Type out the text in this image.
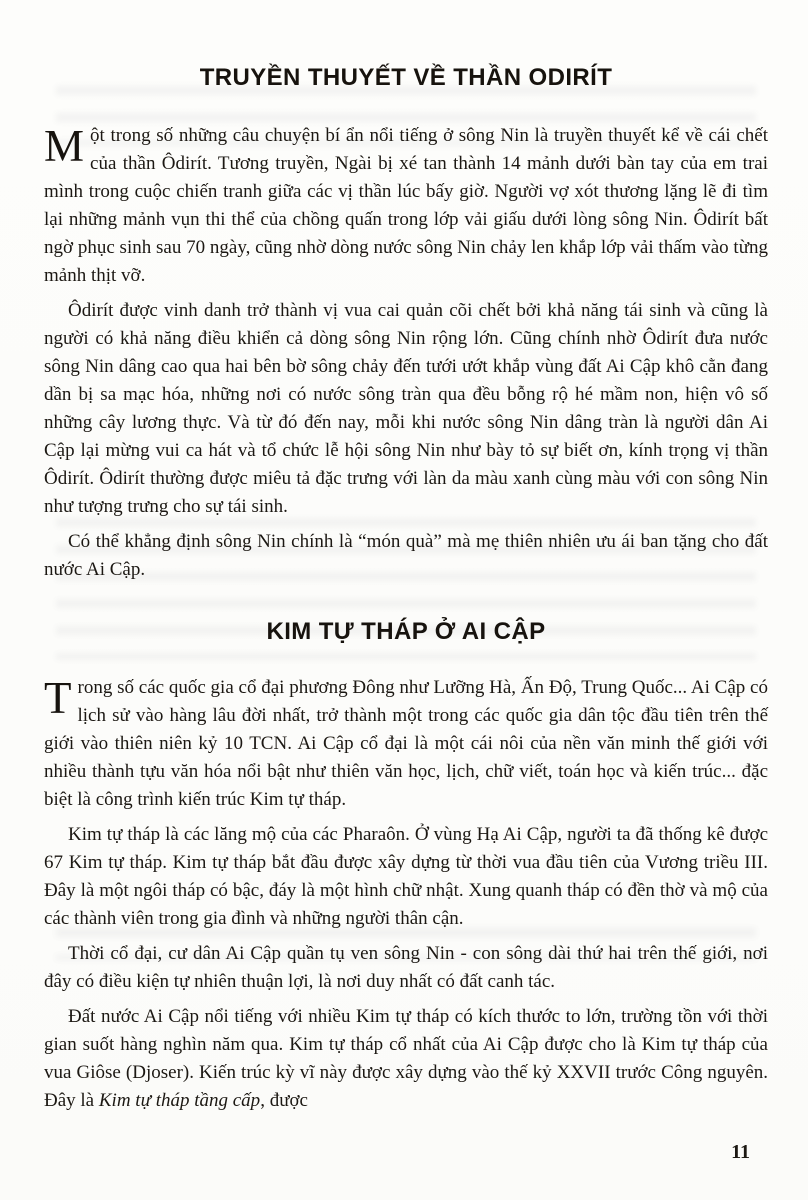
TRUYỀN THUYẾT VỀ THẦN ODIRÍT

Một trong số những câu chuyện bí ẩn nổi tiếng ở sông Nin là truyền thuyết kể về cái chết của thần Ôdirít. Tương truyền, Ngài bị xé tan thành 14 mảnh dưới bàn tay của em trai mình trong cuộc chiến tranh giữa các vị thần lúc bấy giờ. Người vợ xót thương lặng lẽ đi tìm lại những mảnh vụn thi thể của chồng quấn trong lớp vải giấu dưới lòng sông Nin. Ôdirít bất ngờ phục sinh sau 70 ngày, cũng nhờ dòng nước sông Nin chảy len khắp lớp vải thấm vào từng mảnh thịt vỡ.

Ôdirít được vinh danh trở thành vị vua cai quản cõi chết bởi khả năng tái sinh và cũng là người có khả năng điều khiển cả dòng sông Nin rộng lớn. Cũng chính nhờ Ôdirít đưa nước sông Nin dâng cao qua hai bên bờ sông chảy đến tưới ướt khắp vùng đất Ai Cập khô cằn đang dần bị sa mạc hóa, những nơi có nước sông tràn qua đều bỗng rộ hé mầm non, hiện vô số những cây lương thực. Và từ đó đến nay, mỗi khi nước sông Nin dâng tràn là người dân Ai Cập lại mừng vui ca hát và tổ chức lễ hội sông Nin như bày tỏ sự biết ơn, kính trọng vị thần Ôdirít. Ôdirít thường được miêu tả đặc trưng với làn da màu xanh cùng màu với con sông Nin như tượng trưng cho sự tái sinh.

Có thể khẳng định sông Nin chính là “món quà” mà mẹ thiên nhiên ưu ái ban tặng cho đất nước Ai Cập.

KIM TỰ THÁP Ở AI CẬP

Trong số các quốc gia cổ đại phương Đông như Lưỡng Hà, Ấn Độ, Trung Quốc... Ai Cập có lịch sử vào hàng lâu đời nhất, trở thành một trong các quốc gia dân tộc đầu tiên trên thế giới vào thiên niên kỷ 10 TCN. Ai Cập cổ đại là một cái nôi của nền văn minh thế giới với nhiều thành tựu văn hóa nổi bật như thiên văn học, lịch, chữ viết, toán học và kiến trúc... đặc biệt là công trình kiến trúc Kim tự tháp.

Kim tự tháp là các lăng mộ của các Pharaôn. Ở vùng Hạ Ai Cập, người ta đã thống kê được 67 Kim tự tháp. Kim tự tháp bắt đầu được xây dựng từ thời vua đầu tiên của Vương triều III. Đây là một ngôi tháp có bậc, đáy là một hình chữ nhật. Xung quanh tháp có đền thờ và mộ của các thành viên trong gia đình và những người thân cận.

Thời cổ đại, cư dân Ai Cập quần tụ ven sông Nin - con sông dài thứ hai trên thế giới, nơi đây có điều kiện tự nhiên thuận lợi, là nơi duy nhất có đất canh tác.

Đất nước Ai Cập nổi tiếng với nhiều Kim tự tháp có kích thước to lớn, trường tồn với thời gian suốt hàng nghìn năm qua. Kim tự tháp cổ nhất của Ai Cập được cho là Kim tự tháp của vua Giôse (Djoser). Kiến trúc kỳ vĩ này được xây dựng vào thế kỷ XXVII trước Công nguyên. Đây là Kim tự tháp tầng cấp, được

11
